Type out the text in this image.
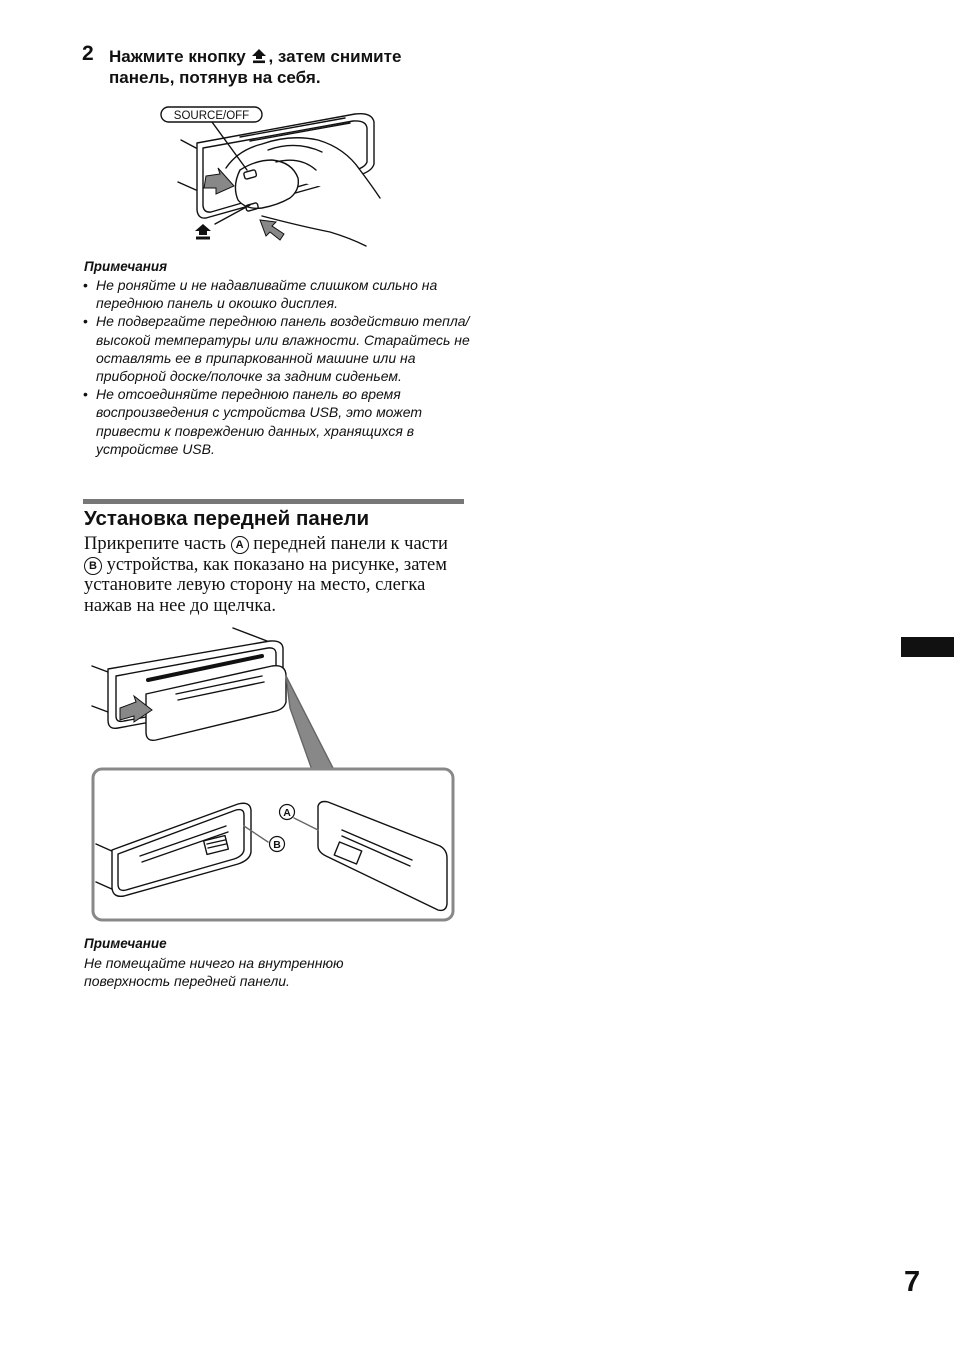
2 Нажмите кнопку , затем снимите панель, потянув на себя.
SOURCE/OFF
Примечания
• Не роняйте и не надавливайте слишком сильно на переднюю панель и окошко дисплея.
• Не подвергайте переднюю панель воздействию тепла/высокой температуры или влажности. Старайтесь не оставлять ее в припаркованной машине или на приборной доске/полочке за задним сиденьем.
• Не отсоединяйте переднюю панель во время воспроизведения с устройства USB, это может привести к повреждению данных, хранящихся в устройстве USB.
Установка передней панели
Прикрепите часть A передней панели к части B устройства, как показано на рисунке, затем установите левую сторону на место, слегка нажав на нее до щелчка.
A
B
Примечание
Не помещайте ничего на внутреннюю поверхность передней панели.
7
